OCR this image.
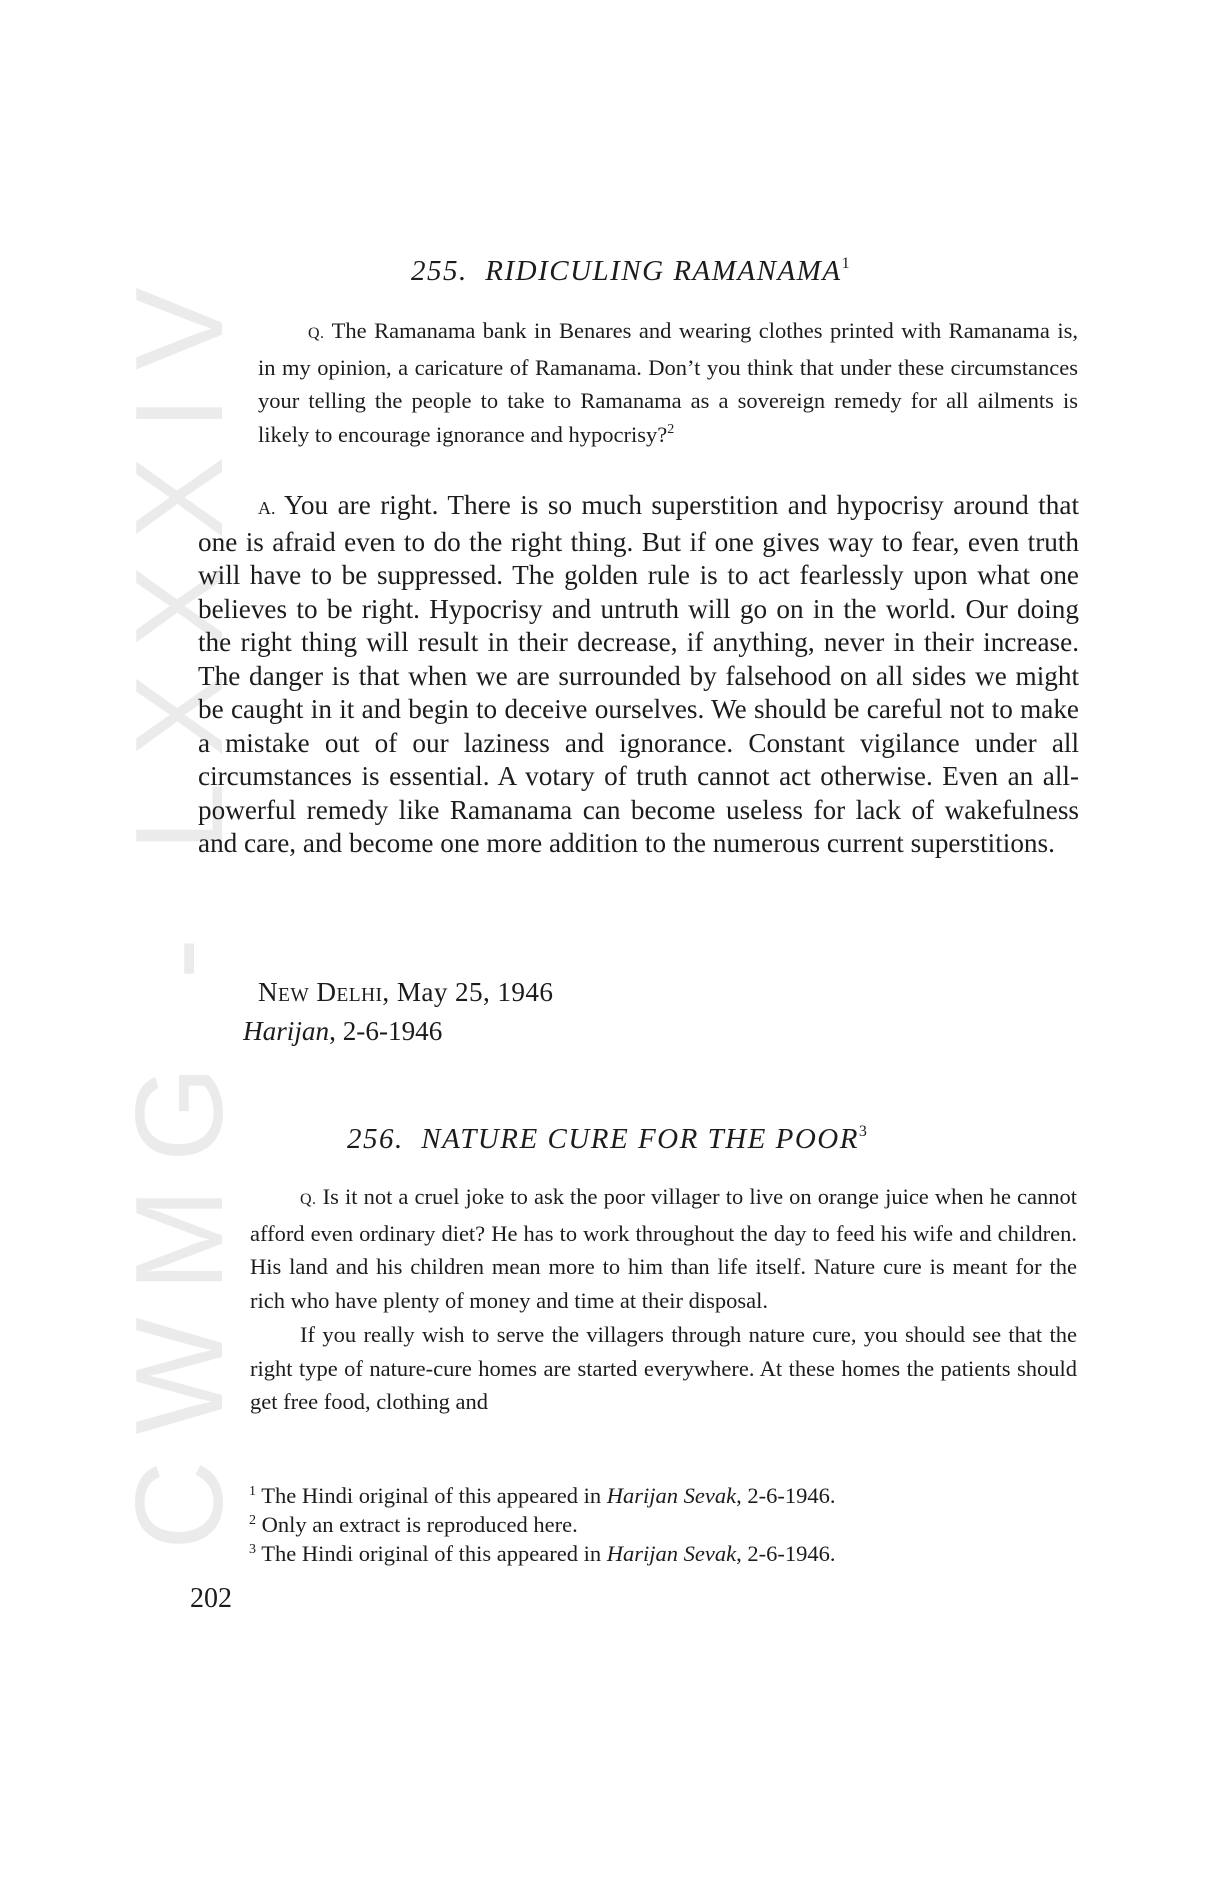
CWMG - LXXXIV	255. RIDICULING RAMANAMA$^1$

Q. The Ramanama bank in Benares and wearing clothes printed with Ramanama is, in my opinion, a caricature of Ramanama. Don’t you think that under these circumstances your telling the people to take to Ramanama as a sovereign remedy for all ailments is likely to encourage ignorance and hypocrisy?$^2$

A. You are right. There is so much superstition and hypocrisy around that one is afraid even to do the right thing. But if one gives way to fear, even truth will have to be suppressed. The golden rule is to act fearlessly upon what one believes to be right. Hypocrisy and untruth will go on in the world. Our doing the right thing will result in their decrease, if anything, never in their increase. The danger is that when we are surrounded by falsehood on all sides we might be caught in it and begin to deceive ourselves. We should be careful not to make a mistake out of our laziness and ignorance. Constant vigilance under all circumstances is essential. A votary of truth cannot act otherwise. Even an all-powerful remedy like Ramanama can become useless for lack of wakefulness and care, and become one more addition to the numerous current superstitions.

NEW DELHI, May 25, 1946
Harijan, 2-6-1946
256. NATURE CURE FOR THE POOR$^3$

Q. Is it not a cruel joke to ask the poor villager to live on orange juice when he cannot afford even ordinary diet? He has to work throughout the day to feed his wife and children. His land and his children mean more to him than life itself. Nature cure is meant for the rich who have plenty of money and time at their disposal.

If you really wish to serve the villagers through nature cure, you should see that the right type of nature-cure homes are started everywhere. At these homes the patients should get free food, clothing and

$^1$ The Hindi original of this appeared in Harijan Sevak, 2-6-1946.
$^2$ Only an extract is reproduced here.
$^3$ The Hindi original of this appeared in Harijan Sevak, 2-6-1946.
202
